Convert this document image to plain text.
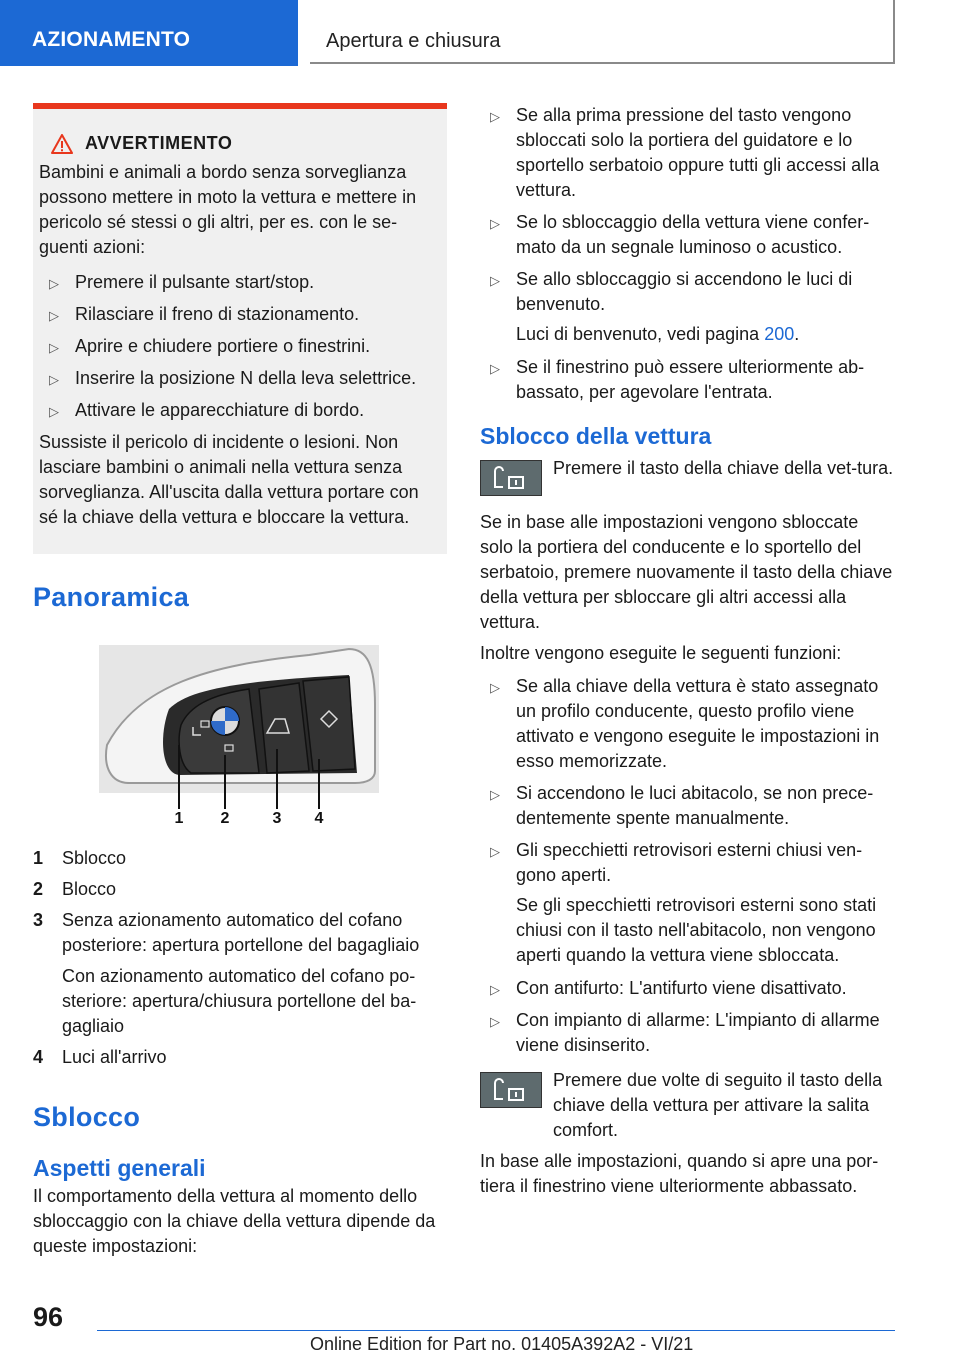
AZIONAMENTO	Apertura e chiusura
AVVERTIMENTO

Bambini e animali a bordo senza sorveglianza possono mettere in moto la vettura e mettere in pericolo sé stessi o gli altri, per es. con le se-guenti azioni:

▷
Premere il pulsante start/stop.
▷
Rilasciare il freno di stazionamento.
▷
Aprire e chiudere portiere o finestrini.
▷
Inserire la posizione N della leva selettrice.
▷
Attivare le apparecchiature di bordo.

Sussiste il pericolo di incidente o lesioni. Non lasciare bambini o animali nella vettura senza sorveglianza. All'uscita dalla vettura portare con sé la chiave della vettura e bloccare la vettura.

Panoramica
1 2	3 4
1 Sblocco
2 Blocco
3 Senza azionamento automatico del cofano posteriore: apertura portellone del bagagliaio
Con azionamento automatico del cofano po-steriore: apertura/chiusura portellone del ba-gagliaio
4 Luci all'arrivo
Sblocco
Aspetti generali

Il comportamento della vettura al momento dello sbloccaggio con la chiave della vettura dipende da queste impostazioni:

▷
Se alla prima pressione del tasto vengono sbloccati solo la portiera del guidatore e lo sportello serbatoio oppure tutti gli accessi alla vettura.
▷
Se lo sbloccaggio della vettura viene confer-mato da un segnale luminoso o acustico.
▷
Se allo sbloccaggio si accendono le luci di benvenuto.

Luci di benvenuto, vedi pagina 200.

▷
Se il finestrino può essere ulteriormente ab-bassato, per agevolare l'entrata.
Sblocco della vettura

Premere il tasto della chiave della vet-tura.

Se in base alle impostazioni vengono sbloccate solo la portiera del conducente e lo sportello del serbatoio, premere nuovamente il tasto della chiave della vettura per sbloccare gli altri accessi alla vettura.

Inoltre vengono eseguite le seguenti funzioni:

▷
Se alla chiave della vettura è stato assegnato un profilo conducente, questo profilo viene attivato e vengono eseguite le impostazioni in esso memorizzate.
▷
Si accendono le luci abitacolo, se non prece-dentemente spente manualmente.
▷
Gli specchietti retrovisori esterni chiusi ven-gono aperti.

Se gli specchietti retrovisori esterni sono stati chiusi con il tasto nell'abitacolo, non vengono aperti quando la vettura viene sbloccata.

▷
Con antifurto: L'antifurto viene disattivato.
▷
Con impianto di allarme: L'impianto di allarme viene disinserito.

Premere due volte di seguito il tasto della chiave della vettura per attivare la salita comfort.

In base alle impostazioni, quando si apre una por-tiera il finestrino viene ulteriormente abbassato.

96
Online Edition for Part no. 01405A392A2 - VI/21
